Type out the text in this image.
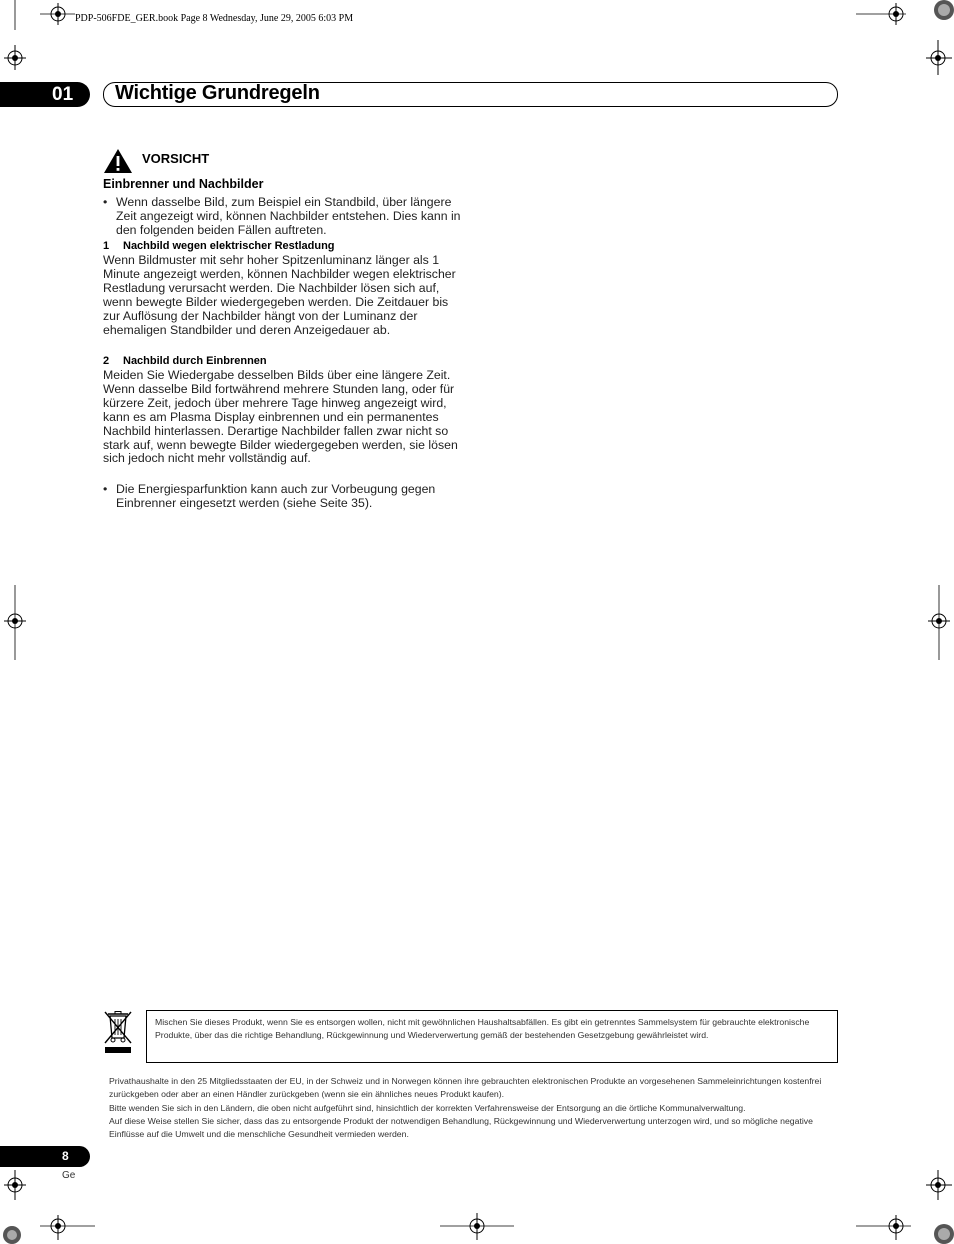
PDP-506FDE_GER.book Page 8 Wednesday, June 29, 2005 6:03 PM
01 Wichtige Grundregeln
VORSICHT
Einbrenner und Nachbilder
• Wenn dasselbe Bild, zum Beispiel ein Standbild, über längere Zeit angezeigt wird, können Nachbilder entstehen. Dies kann in den folgenden beiden Fällen auftreten.
1 Nachbild wegen elektrischer Restladung
Wenn Bildmuster mit sehr hoher Spitzenluminanz länger als 1 Minute angezeigt werden, können Nachbilder wegen elektrischer Restladung verursacht werden. Die Nachbilder lösen sich auf, wenn bewegte Bilder wiedergegeben werden. Die Zeitdauer bis zur Auflösung der Nachbilder hängt von der Luminanz der ehemaligen Standbilder und deren Anzeigedauer ab.
2 Nachbild durch Einbrennen
Meiden Sie Wiedergabe desselben Bilds über eine längere Zeit. Wenn dasselbe Bild fortwährend mehrere Stunden lang, oder für kürzere Zeit, jedoch über mehrere Tage hinweg angezeigt wird, kann es am Plasma Display einbrennen und ein permanentes Nachbild hinterlassen. Derartige Nachbilder fallen zwar nicht so stark auf, wenn bewegte Bilder wiedergegeben werden, sie lösen sich jedoch nicht mehr vollständig auf.
• Die Energiesparfunktion kann auch zur Vorbeugung gegen Einbrenner eingesetzt werden (siehe Seite 35).
Mischen Sie dieses Produkt, wenn Sie es entsorgen wollen, nicht mit gewöhnlichen Haushaltsabfällen. Es gibt ein getrenntes Sammelsystem für gebrauchte elektronische Produkte, über das die richtige Behandlung, Rückgewinnung und Wiederverwertung gemäß der bestehenden Gesetzgebung gewährleistet wird.
Privathaushalte in den 25 Mitgliedsstaaten der EU, in der Schweiz und in Norwegen können ihre gebrauchten elektronischen Produkte an vorgesehenen Sammeleinrichtungen kostenfrei zurückgeben oder aber an einen Händler zurückgeben (wenn sie ein ähnliches neues Produkt kaufen).
Bitte wenden Sie sich in den Ländern, die oben nicht aufgeführt sind, hinsichtlich der korrekten Verfahrensweise der Entsorgung an die örtliche Kommunalverwaltung.
Auf diese Weise stellen Sie sicher, dass das zu entsorgende Produkt der notwendigen Behandlung, Rückgewinnung und Wiederverwertung unterzogen wird, und so mögliche negative Einflüsse auf die Umwelt und die menschliche Gesundheit vermieden werden.
8
Ge
